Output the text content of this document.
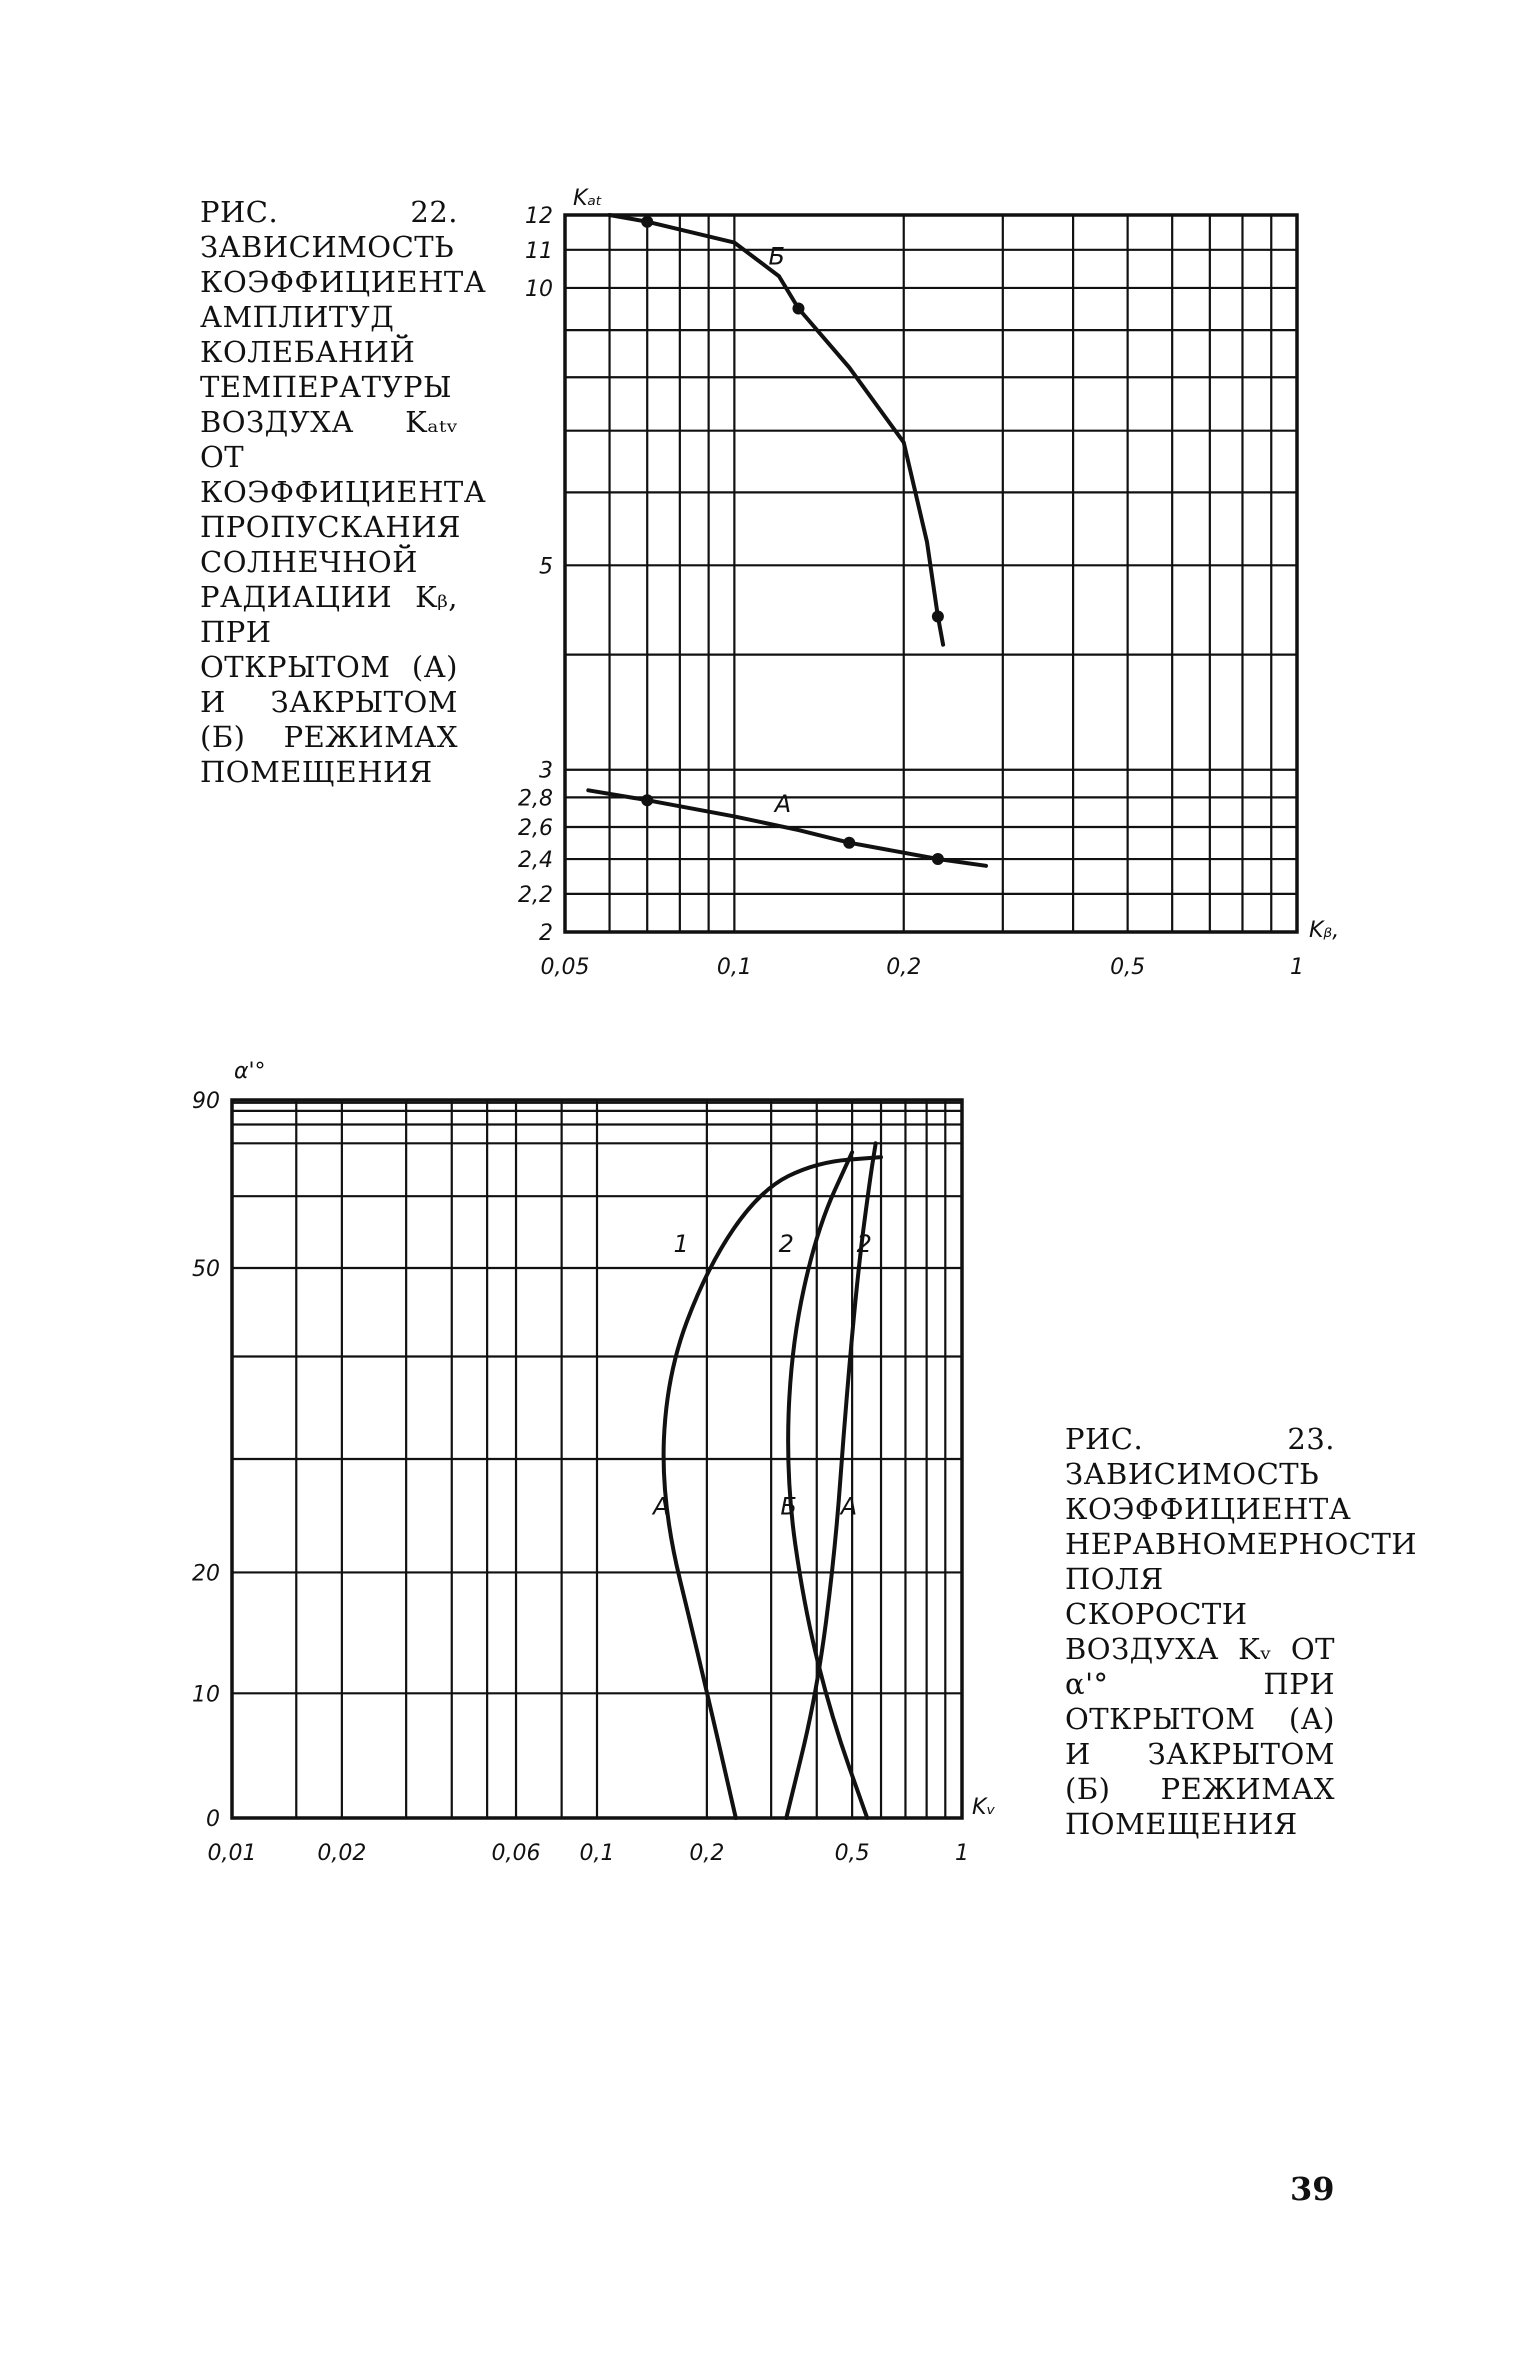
РИС. 22. ЗАВИСИМОСТЬ КОЭФФИЦИЕНТА АМПЛИТУД КОЛЕБАНИЙ ТЕМПЕРАТУРЫ ВОЗДУХА Kₐₜᵥ ОТ КОЭФФИЦИЕНТА ПРОПУСКАНИЯ СОЛНЕЧНОЙ РАДИАЦИИ Kᵦ, ПРИ ОТКРЫТОМ (А) И ЗАКРЫТОМ (Б) РЕЖИМАХ ПОМЕЩЕНИЯ
РИС. 23. ЗАВИСИМОСТЬ КОЭФФИЦИЕНТА НЕРАВНОМЕРНОСТИ ПОЛЯ СКОРОСТИ ВОЗДУХА Kᵥ ОТ α'° ПРИ ОТКРЫТОМ (А) И ЗАКРЫТОМ (Б) РЕЖИМАХ ПОМЕЩЕНИЯ
39
0,05	0,1	0,2	0,5	1
2
2,2
2,4
2,6
2,8
3
5
10
11
12
Kₐₜ
Kᵦ,
Б
А
0,01	0,02	0,06 0,1	0,2	0,5	1
0
10
20
50
90
α'°
Kᵥ
1	2	2
А	Б А
